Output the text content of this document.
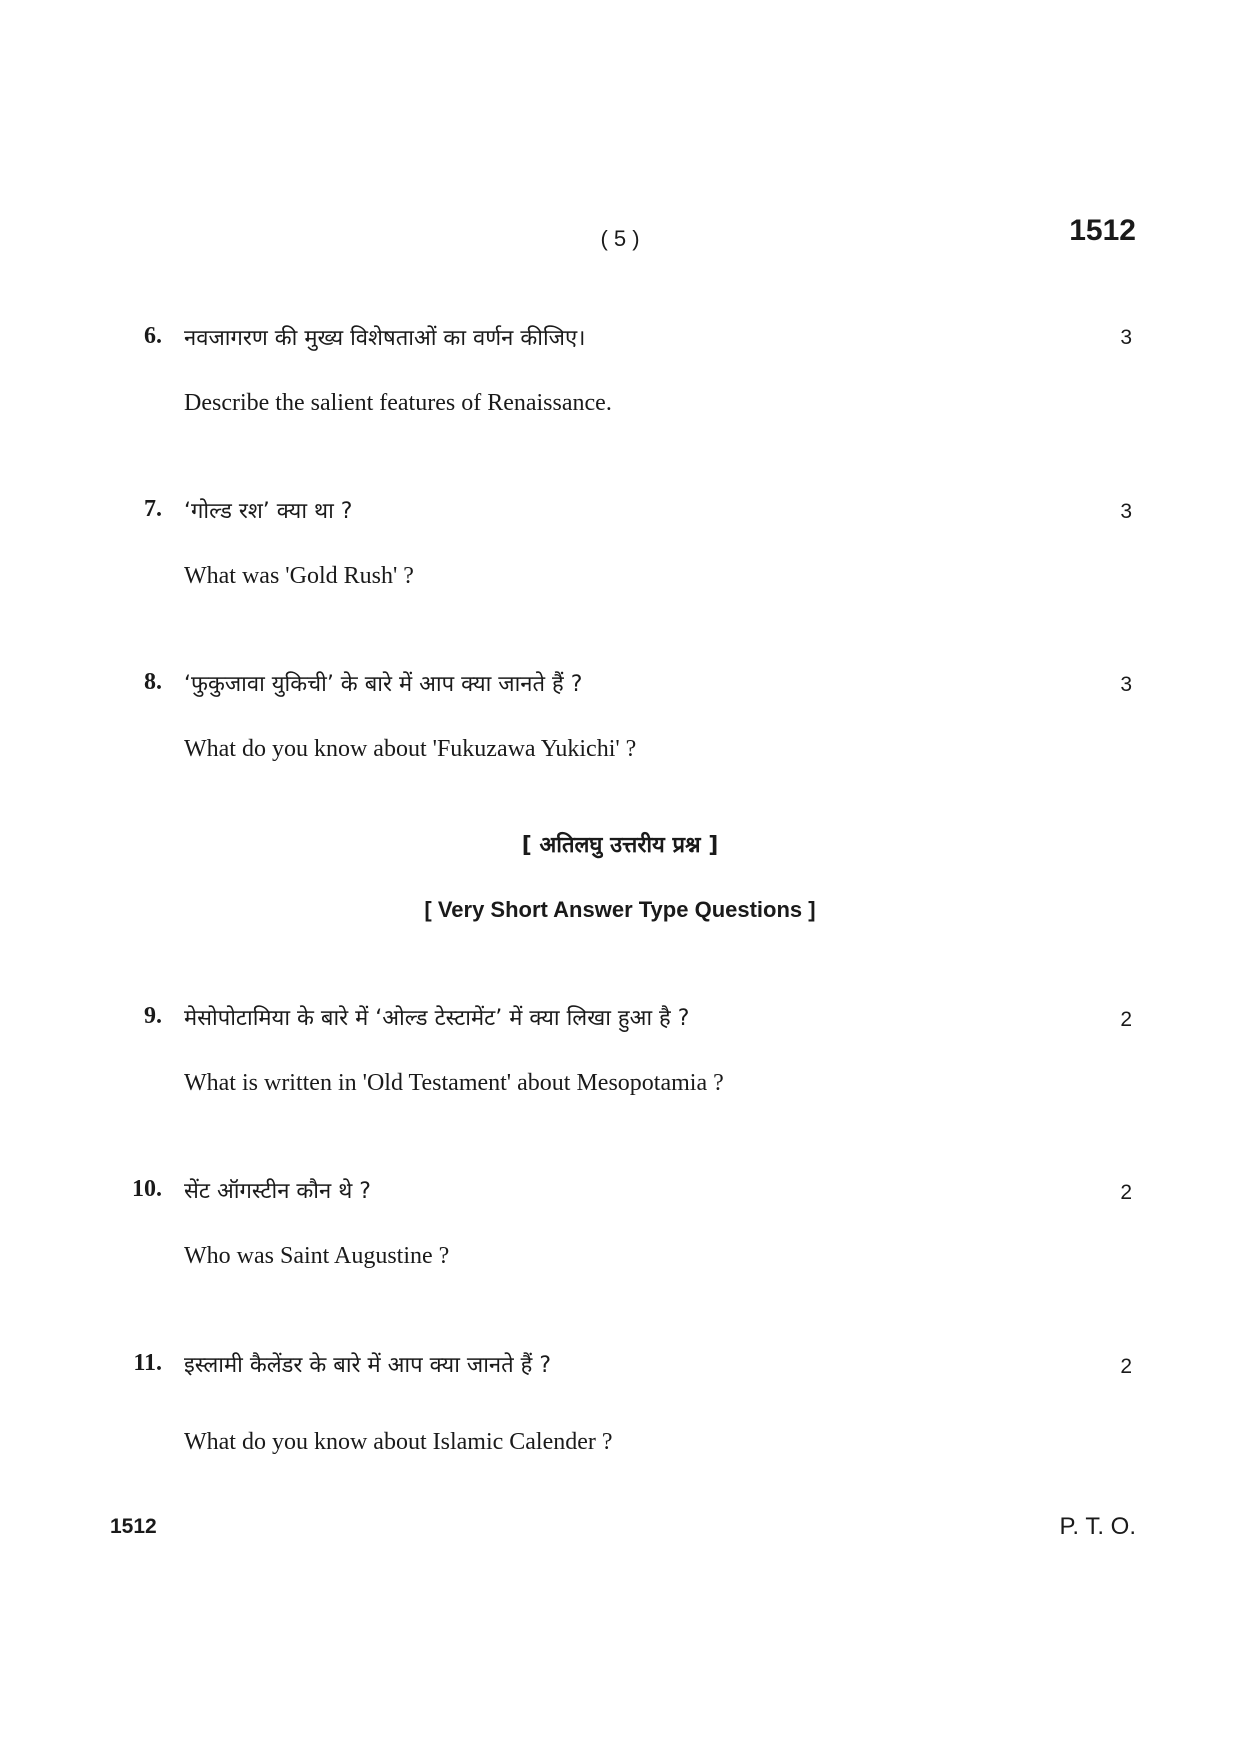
( 5 )	1512
6. नवजागरण की मुख्य विशेषताओं का वर्णन कीजिए।	3
Describe the salient features of Renaissance.
7. ‘गोल्ड रश’ क्या था ?	3
What was 'Gold Rush' ?
8. ‘फुकुजावा युकिची’ के बारे में आप क्या जानते हैं ?	3
What do you know about 'Fukuzawa Yukichi' ?
[ अतिलघु उत्तरीय प्रश्न ]
[ Very Short Answer Type Questions ]
9. मेसोपोटामिया के बारे में ‘ओल्ड टेस्टामेंट’ में क्या लिखा हुआ है ?	2
What is written in 'Old Testament' about Mesopotamia ?
10. सेंट ऑगस्टीन कौन थे ?	2
Who was Saint Augustine ?
11. इस्लामी कैलेंडर के बारे में आप क्या जानते हैं ?	2
What do you know about Islamic Calender ?
1512	P. T. O.
